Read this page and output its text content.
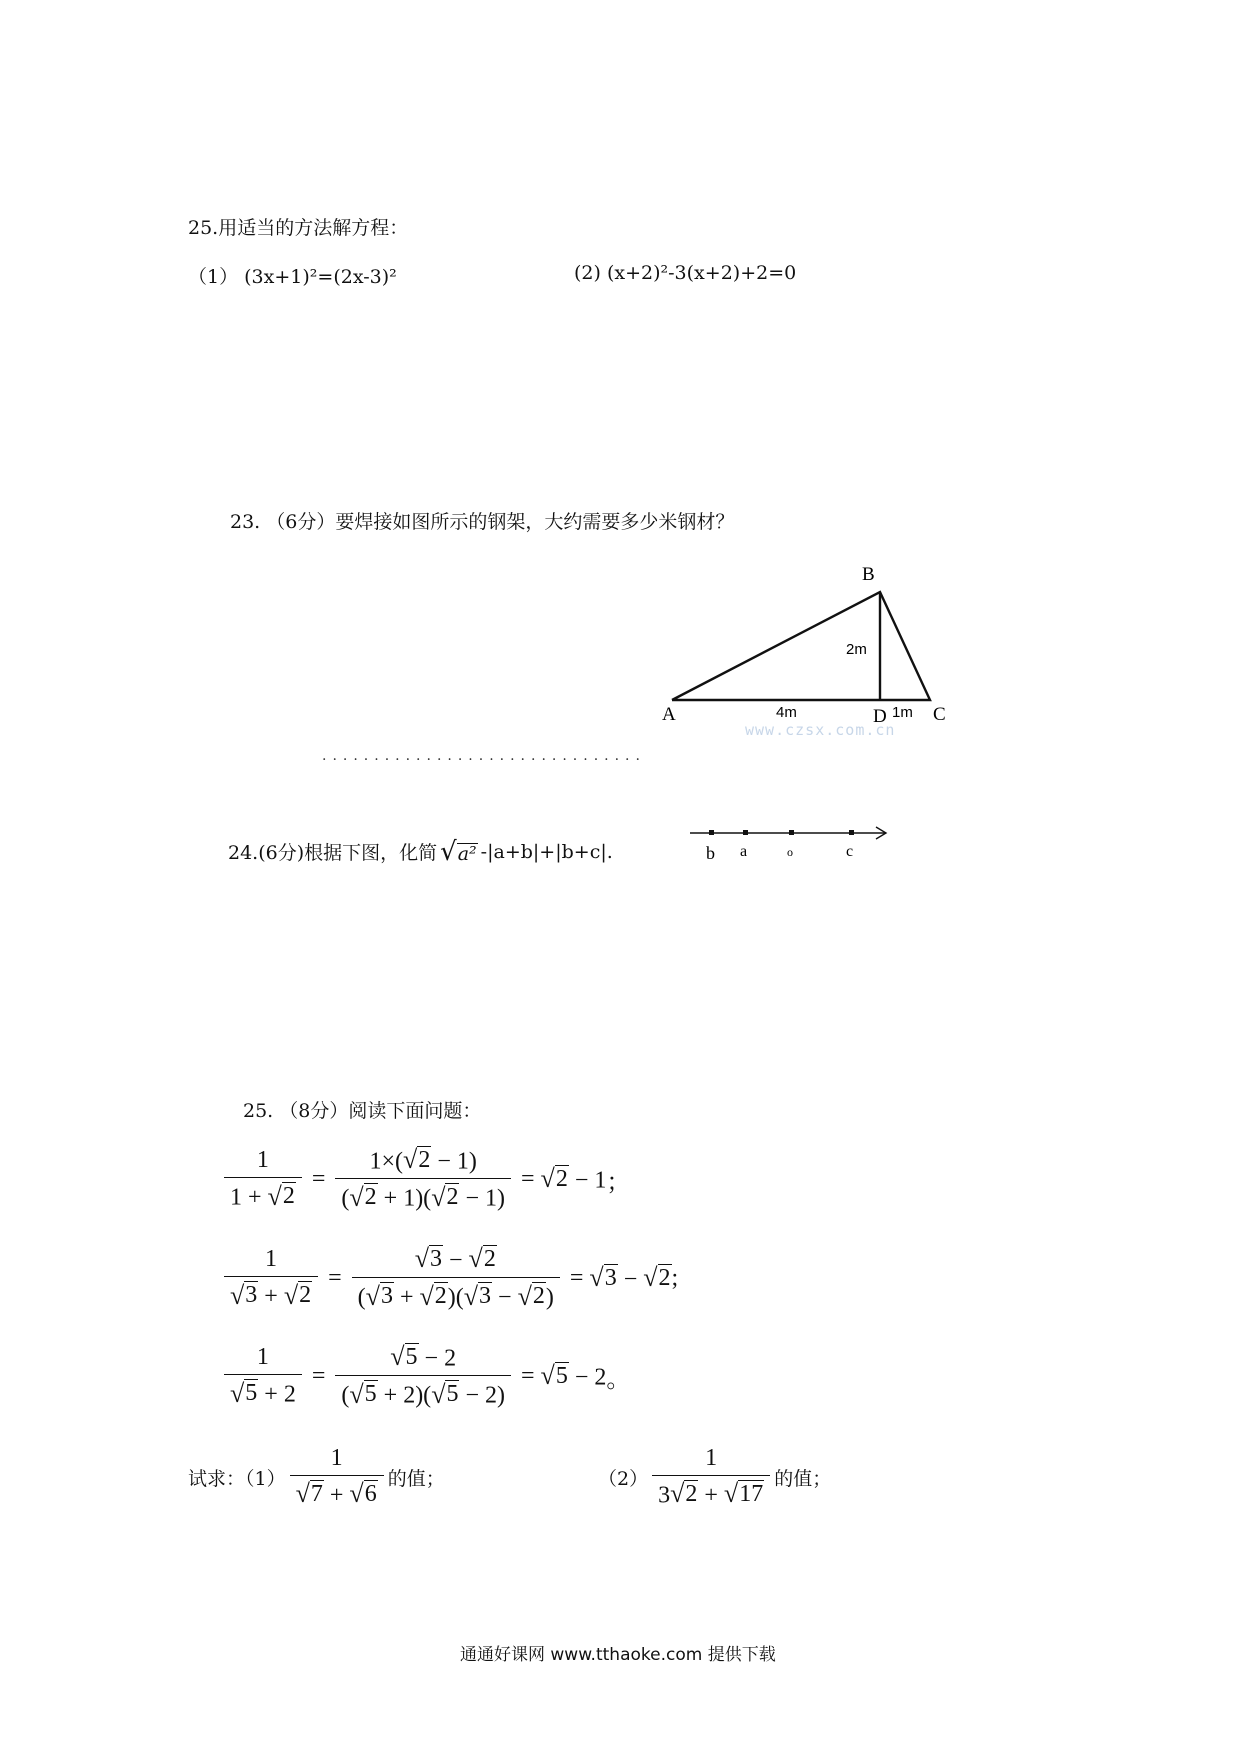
25.用适当的方法解方程：
（1） (3x+1)²=(2x-3)²	(2) (x+2)²-3(x+2)+2=0
23. （6分）要焊接如图所示的钢架，大约需要多少米钢材？
B
A	D C
4m
2m
1m
www.czsx.com.cn
...............................
24.(6分)根据下图，化简 √ a² -|a+b|+|b+c|.	b a	o	c
25. （8分）阅读下面问题：
$\frac{1}{1 + √ 2} = \frac{1\times( √ 2 - 1)}{( √ 2 + 1)( √ 2 - 1)}$ = √ 2 − 1 ；
$\frac{1}{√ 3 + √ 2} = \frac{√ 3 - √ 2}{( √ 3 + √ 2 )( √ 3 - √ 2 )}$ = √ 3 − √ 2 ;
$\frac{1}{√ 5 + 2} = \frac{√ 5 - 2}{( √ 5 + 2)( √ 5 - 2)}$ = √ 5 − 2 。
试求：$(1) \frac{1}{√ 7 + √ 6}$ 的值；	$(2) \frac{1}{3 √ 2 + √ 17}$ 的值；
通通好课网 www.tthaoke.com 提供下载
